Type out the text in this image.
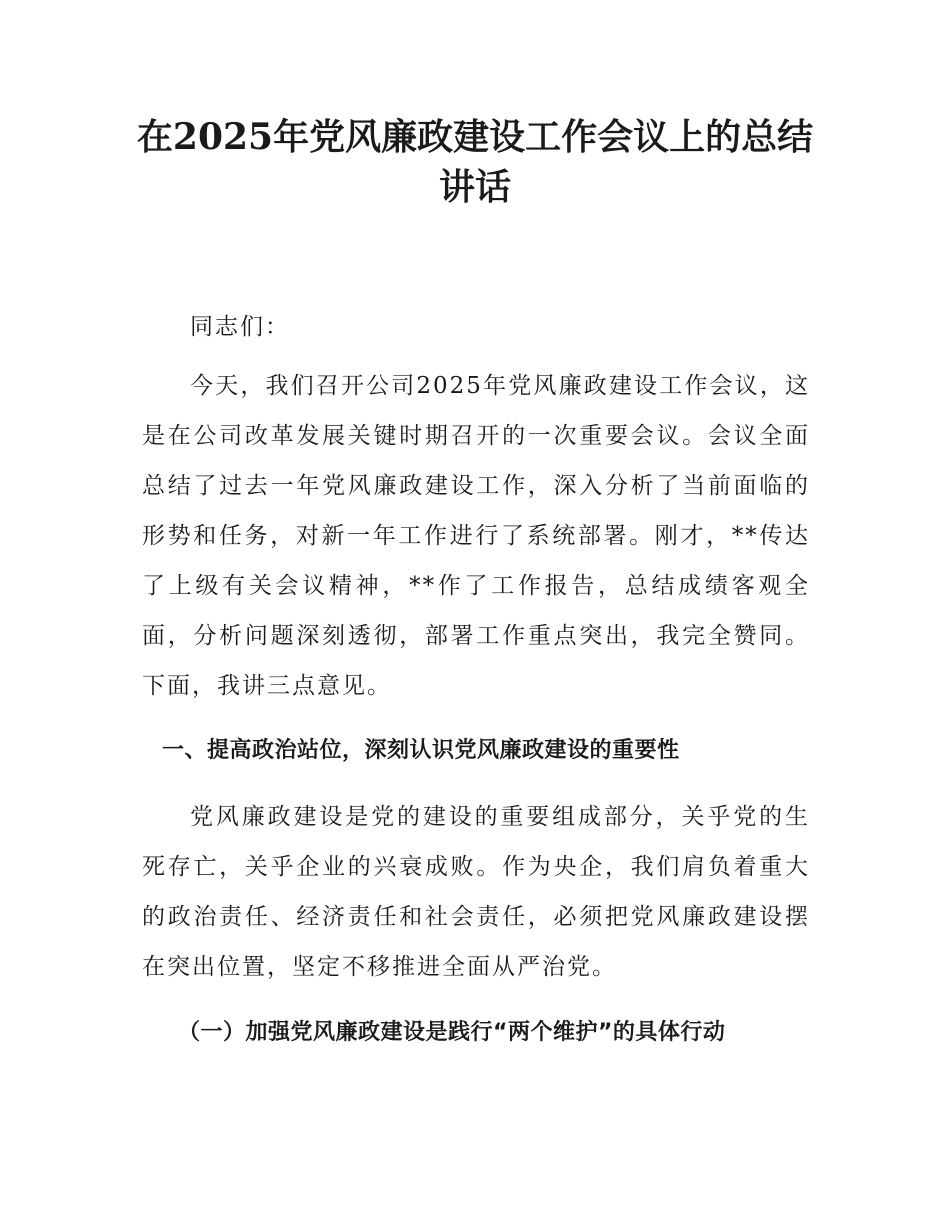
在2025年党风廉政建设工作会议上的总结讲话

同志们：

今天，我们召开公司2025年党风廉政建设工作会议，这是在公司改革发展关键时期召开的一次重要会议。会议全面总结了过去一年党风廉政建设工作，深入分析了当前面临的形势和任务，对新一年工作进行了系统部署。刚才，**传达了上级有关会议精神，**作了工作报告，总结成绩客观全面，分析问题深刻透彻，部署工作重点突出，我完全赞同。下面，我讲三点意见。

一、提高政治站位，深刻认识党风廉政建设的重要性

党风廉政建设是党的建设的重要组成部分，关乎党的生死存亡，关乎企业的兴衰成败。作为央企，我们肩负着重大的政治责任、经济责任和社会责任，必须把党风廉政建设摆在突出位置，坚定不移推进全面从严治党。

（一）加强党风廉政建设是践行“两个维护”的具体行动
